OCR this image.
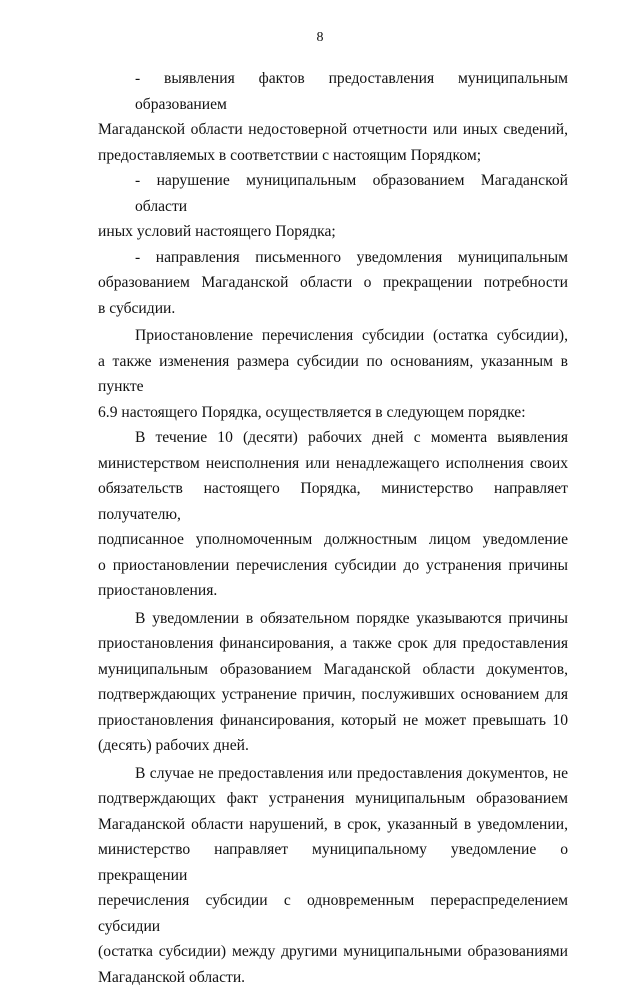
8
- выявления фактов предоставления муниципальным образованием
Магаданской области недостоверной отчетности или иных сведений,
предоставляемых в соответствии с настоящим Порядком;
- нарушение муниципальным образованием Магаданской области
иных условий настоящего Порядка;
- направления письменного уведомления муниципальным
образованием Магаданской области о прекращении потребности
в субсидии.
Приостановление перечисления субсидии (остатка субсидии),
а также изменения размера субсидии по основаниям, указанным в пункте
6.9 настоящего Порядка, осуществляется в следующем порядке:
В течение 10 (десяти) рабочих дней с момента выявления
министерством неисполнения или ненадлежащего исполнения своих
обязательств настоящего Порядка, министерство направляет получателю,
подписанное уполномоченным должностным лицом уведомление
о приостановлении перечисления субсидии до устранения причины
приостановления.
В уведомлении в обязательном порядке указываются причины
приостановления финансирования, а также срок для предоставления
муниципальным образованием Магаданской области документов,
подтверждающих устранение причин, послуживших основанием для
приостановления финансирования, который не может превышать 10
(десять) рабочих дней.
В случае не предоставления или предоставления документов, не
подтверждающих факт устранения муниципальным образованием
Магаданской области нарушений, в срок, указанный в уведомлении,
министерство направляет муниципальному уведомление о прекращении
перечисления субсидии с одновременным перераспределением субсидии
(остатка субсидии) между другими муниципальными образованиями
Магаданской области.
